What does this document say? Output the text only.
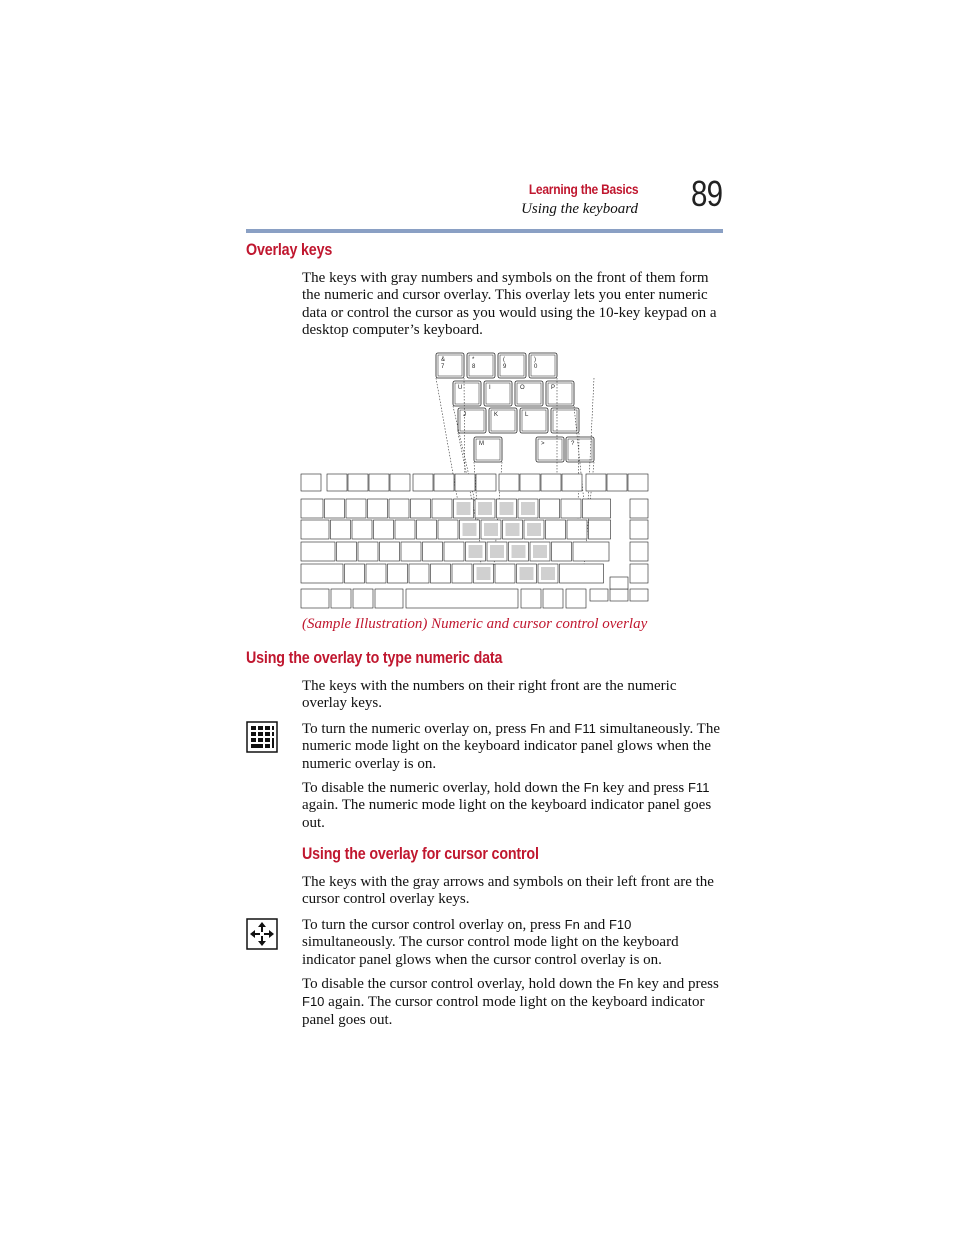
Learning the Basics
Using the keyboard 89
Overlay keys
The keys with gray numbers and symbols on the front of them form the numeric and cursor overlay. This overlay lets you enter numeric data or control the cursor as you would using the 10-key keypad on a desktop computer’s keyboard.
&
7
*
8
(
9
)
0
U	I	O	P
J	K	L	:
M	>	?
(Sample Illustration) Numeric and cursor control overlay
Using the overlay to type numeric data
The keys with the numbers on their right front are the numeric overlay keys.
To turn the numeric overlay on, press Fn and F11 simultaneously. The numeric mode light on the keyboard indicator panel glows when the numeric overlay is on.
To disable the numeric overlay, hold down the Fn key and press F11 again. The numeric mode light on the keyboard indicator panel goes out.
Using the overlay for cursor control
The keys with the gray arrows and symbols on their left front are the cursor control overlay keys.
To turn the cursor control overlay on, press Fn and F10 simultaneously. The cursor control mode light on the keyboard indicator panel glows when the cursor control overlay is on.
To disable the cursor control overlay, hold down the Fn key and press F10 again. The cursor control mode light on the keyboard indicator panel goes out.
